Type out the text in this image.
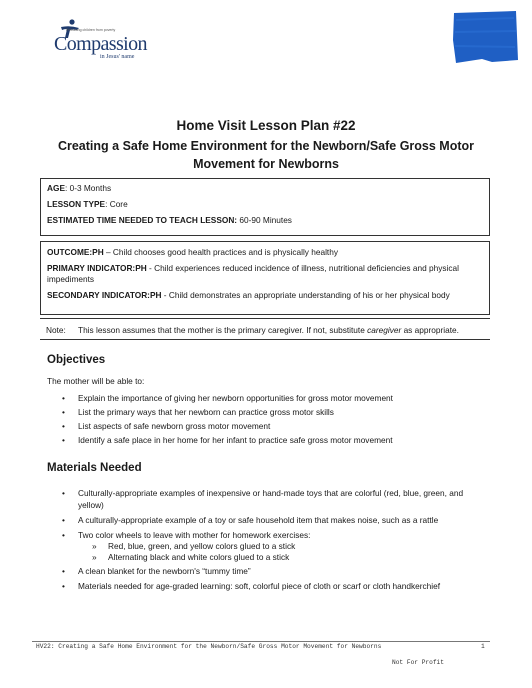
Releasing children from poverty
Compassion
in Jesus' name
Home Visit Lesson Plan #22
Creating a Safe Home Environment for the Newborn/Safe Gross Motor
Movement for Newborns
AGE: 0-3 Months
LESSON TYPE: Core
ESTIMATED TIME NEEDED TO TEACH LESSON: 60-90 Minutes
OUTCOME:PH – Child chooses good health practices and is physically healthy
PRIMARY INDICATOR:PH - Child experiences reduced incidence of illness, nutritional deficiencies and physical impediments
SECONDARY INDICATOR:PH - Child demonstrates an appropriate understanding of his or her physical body
Note: This lesson assumes that the mother is the primary caregiver. If not, substitute caregiver as appropriate.
Objectives
The mother will be able to:
• Explain the importance of giving her newborn opportunities for gross motor movement
• List the primary ways that her newborn can practice gross motor skills
• List aspects of safe newborn gross motor movement
• Identify a safe place in her home for her infant to practice safe gross motor movement
Materials Needed
• Culturally-appropriate examples of inexpensive or hand-made toys that are colorful (red, blue, green, and yellow)
• A culturally-appropriate example of a toy or safe household item that makes noise, such as a rattle
• Two color wheels to leave with mother for homework exercises:
» Red, blue, green, and yellow colors glued to a stick
» Alternating black and white colors glued to a stick
• A clean blanket for the newborn's “tummy time”
• Materials needed for age-graded learning: soft, colorful piece of cloth or scarf or cloth handkerchief
HV22: Creating a Safe Home Environment for the Newborn/Safe Gross Motor Movement for Newborns	1
Not For Profit
